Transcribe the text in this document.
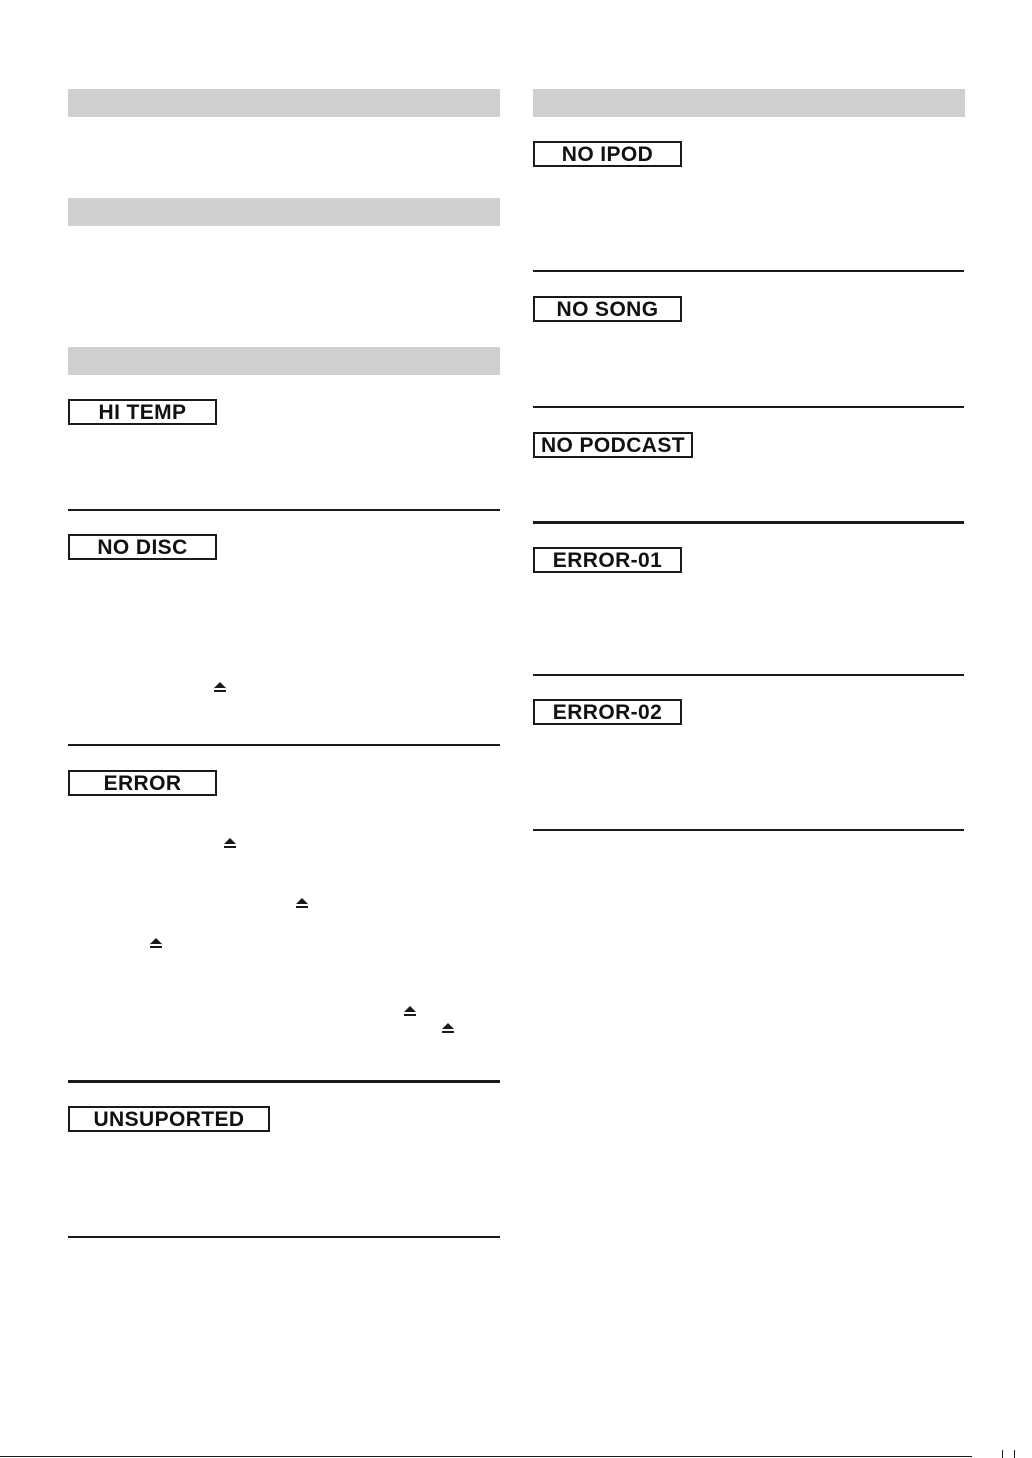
HI TEMP
NO DISC
ERROR
UNSUPORTED
NO IPOD
NO SONG
NO PODCAST
ERROR-01
ERROR-02
